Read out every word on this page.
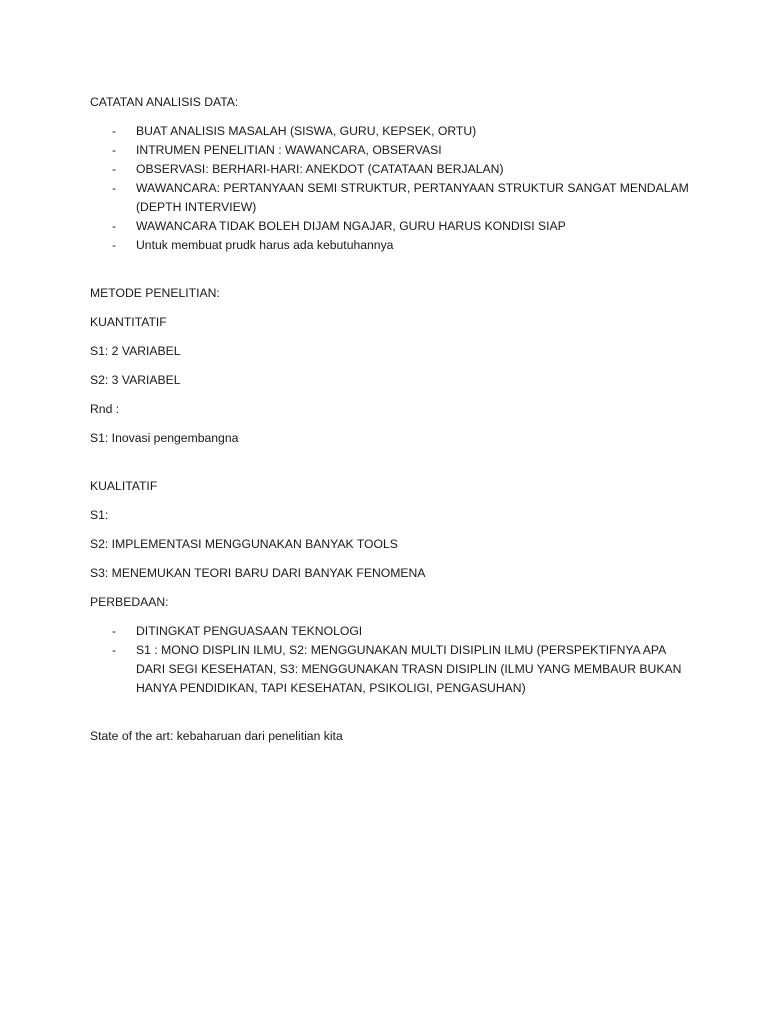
CATATAN ANALISIS DATA:

- BUAT ANALISIS MASALAH (SISWA, GURU, KEPSEK, ORTU)
- INTRUMEN PENELITIAN : WAWANCARA, OBSERVASI
- OBSERVASI: BERHARI-HARI: ANEKDOT (CATATAAN BERJALAN)
- WAWANCARA: PERTANYAAN SEMI STRUKTUR, PERTANYAAN STRUKTUR SANGAT MENDALAM (DEPTH INTERVIEW)
- WAWANCARA TIDAK BOLEH DIJAM NGAJAR, GURU HARUS KONDISI SIAP
- Untuk membuat prudk harus ada kebutuhannya

METODE PENELITIAN:

KUANTITATIF

S1: 2 VARIABEL

S2: 3 VARIABEL

Rnd :

S1: Inovasi pengembangna

KUALITATIF

S1:

S2: IMPLEMENTASI MENGGUNAKAN BANYAK TOOLS

S3: MENEMUKAN TEORI BARU DARI BANYAK FENOMENA

PERBEDAAN:

- DITINGKAT PENGUASAAN TEKNOLOGI
- S1 : MONO DISPLIN ILMU, S2: MENGGUNAKAN MULTI DISIPLIN ILMU (PERSPEKTIFNYA APA DARI SEGI KESEHATAN, S3: MENGGUNAKAN TRASN DISIPLIN (ILMU YANG MEMBAUR BUKAN HANYA PENDIDIKAN, TAPI KESEHATAN, PSIKOLIGI, PENGASUHAN)

State of the art: kebaharuan dari penelitian kita
